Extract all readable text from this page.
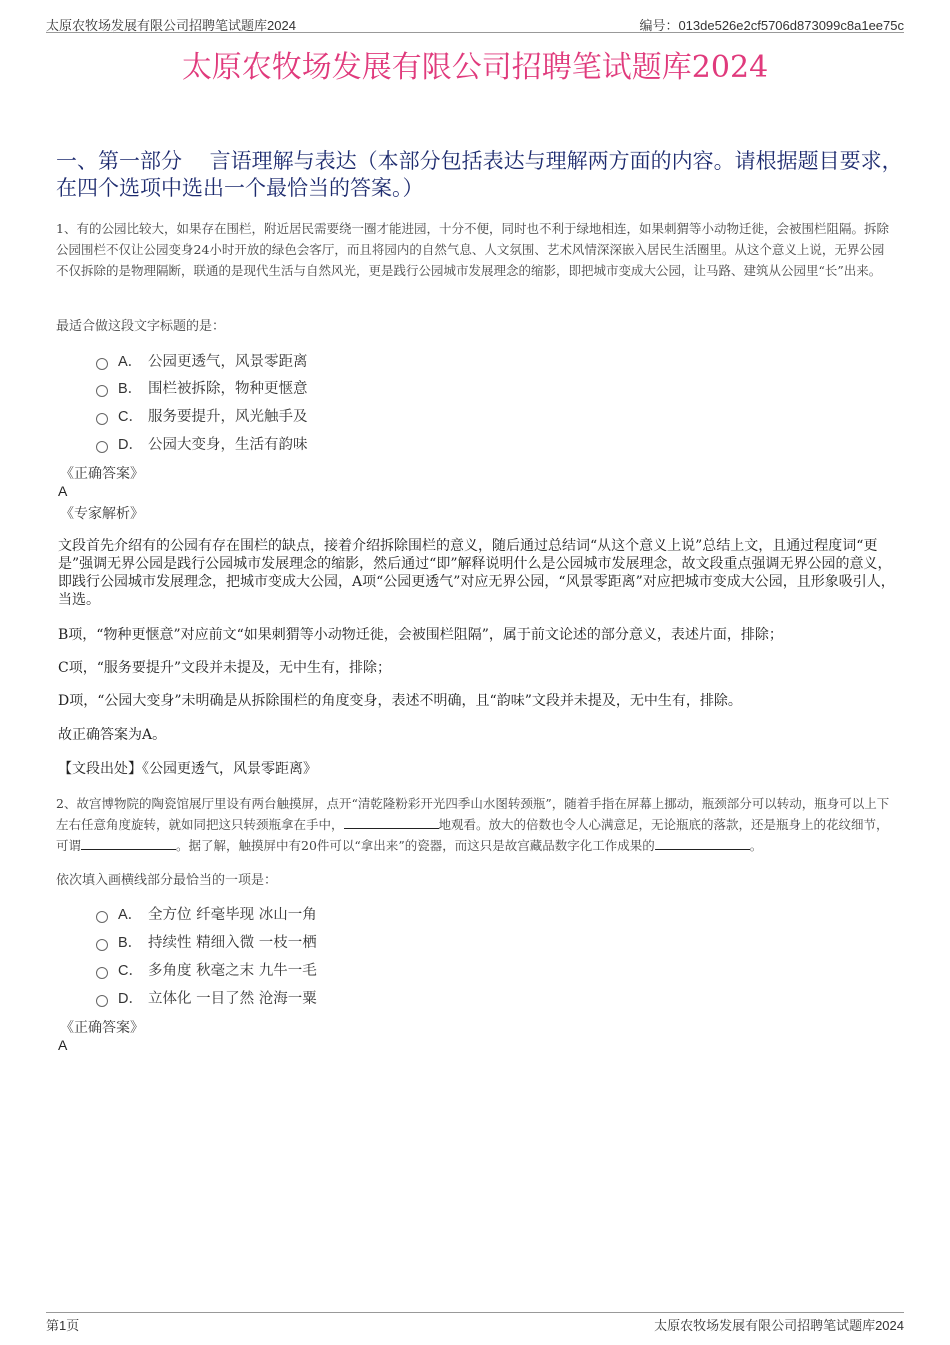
太原农牧场发展有限公司招聘笔试题库2024	编号：013de526e2cf5706d873099c8a1ee75c
太原农牧场发展有限公司招聘笔试题库2024
一、第一部分　 言语理解与表达（本部分包括表达与理解两方面的内容。请根据题目要求，在四个选项中选出一个最恰当的答案。）
1、有的公园比较大，如果存在围栏，附近居民需要绕一圈才能进园，十分不便，同时也不利于绿地相连，如果刺猬等小动物迁徙，会被围栏阻隔。拆除公园围栏不仅让公园变身24小时开放的绿色会客厅，而且将园内的自然气息、人文氛围、艺术风情深深嵌入居民生活圈里。从这个意义上说，无界公园不仅拆除的是物理隔断，联通的是现代生活与自然风光，更是践行公园城市发展理念的缩影，即把城市变成大公园，让马路、建筑从公园里“长”出来。
最适合做这段文字标题的是：
A． 公园更透气，风景零距离
B． 围栏被拆除，物种更惬意
C． 服务要提升，风光触手及
D． 公园大变身，生活有韵味
《正确答案》
A
《专家解析》
文段首先介绍有的公园有存在围栏的缺点，接着介绍拆除围栏的意义，随后通过总结词“从这个意义上说”总结上文，且通过程度词“更是”强调无界公园是践行公园城市发展理念的缩影，然后通过“即”解释说明什么是公园城市发展理念，故文段重点强调无界公园的意义，即践行公园城市发展理念，把城市变成大公园，A项“公园更透气”对应无界公园，“风景零距离”对应把城市变成大公园，且形象吸引人，当选。
B项，“物种更惬意”对应前文“如果刺猬等小动物迁徙，会被围栏阻隔”，属于前文论述的部分意义，表述片面，排除；
C项，“服务要提升”文段并未提及，无中生有，排除；
D项，“公园大变身”未明确是从拆除围栏的角度变身，表述不明确，且“韵味”文段并未提及，无中生有，排除。
故正确答案为A。
【文段出处】《公园更透气，风景零距离》
2、故宫博物院的陶瓷馆展厅里设有两台触摸屏，点开“清乾隆粉彩开光四季山水图转颈瓶”，随着手指在屏幕上挪动，瓶颈部分可以转动，瓶身可以上下左右任意角度旋转，就如同把这只转颈瓶拿在手中，	地观看。放大的倍数也令人心满意足，无论瓶底的落款，还是瓶身上的花纹细节，可谓	。据了解，触摸屏中有20件可以“拿出来”的瓷器，而这只是故宫藏品数字化工作成果的	。
依次填入画横线部分最恰当的一项是：
A． 全方位 纤毫毕现 冰山一角
B． 持续性 精细入微 一枝一栖
C． 多角度 秋毫之末 九牛一毛
D． 立体化 一目了然 沧海一粟
《正确答案》
A
第1页	太原农牧场发展有限公司招聘笔试题库2024
